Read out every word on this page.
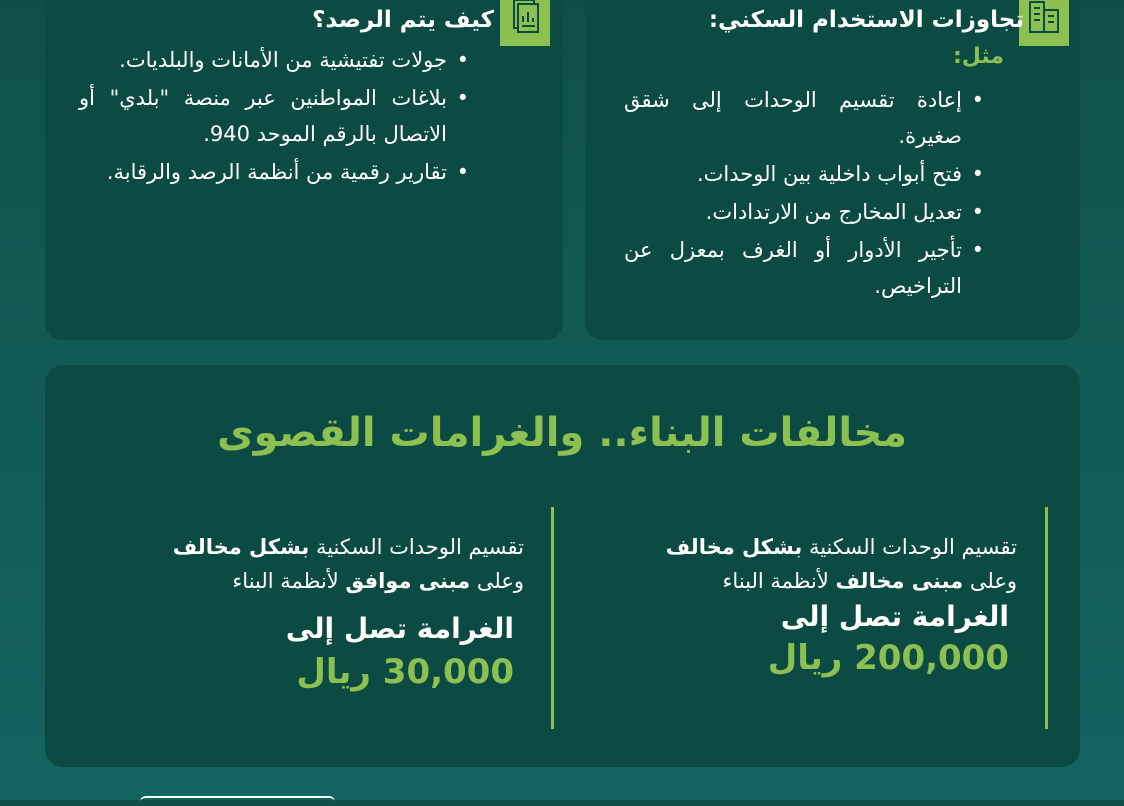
تجاوزات الاستخدام السكني:
مثل:
• إعادة تقسيم الوحدات إلى شقق صغيرة.
• فتح أبواب داخلية بين الوحدات.
• تعديل المخارج من الارتدادات.
• تأجير الأدوار أو الغرف بمعزل عن التراخيص.
كيف يتم الرصد؟
• جولات تفتيشية من الأمانات والبلديات.
• بلاغات المواطنين عبر منصة "بلدي" أو الاتصال بالرقم الموحد 940.
• تقارير رقمية من أنظمة الرصد والرقابة.
مخالفات البناء.. والغرامات القصوى
تقسيم الوحدات السكنية بشكل مخالف
وعلى مبنى مخالف لأنظمة البناء
الغرامة تصل إلى
200,000 ريال
تقسيم الوحدات السكنية بشكل مخالف
وعلى مبنى موافق لأنظمة البناء
الغرامة تصل إلى
30,000 ريال
